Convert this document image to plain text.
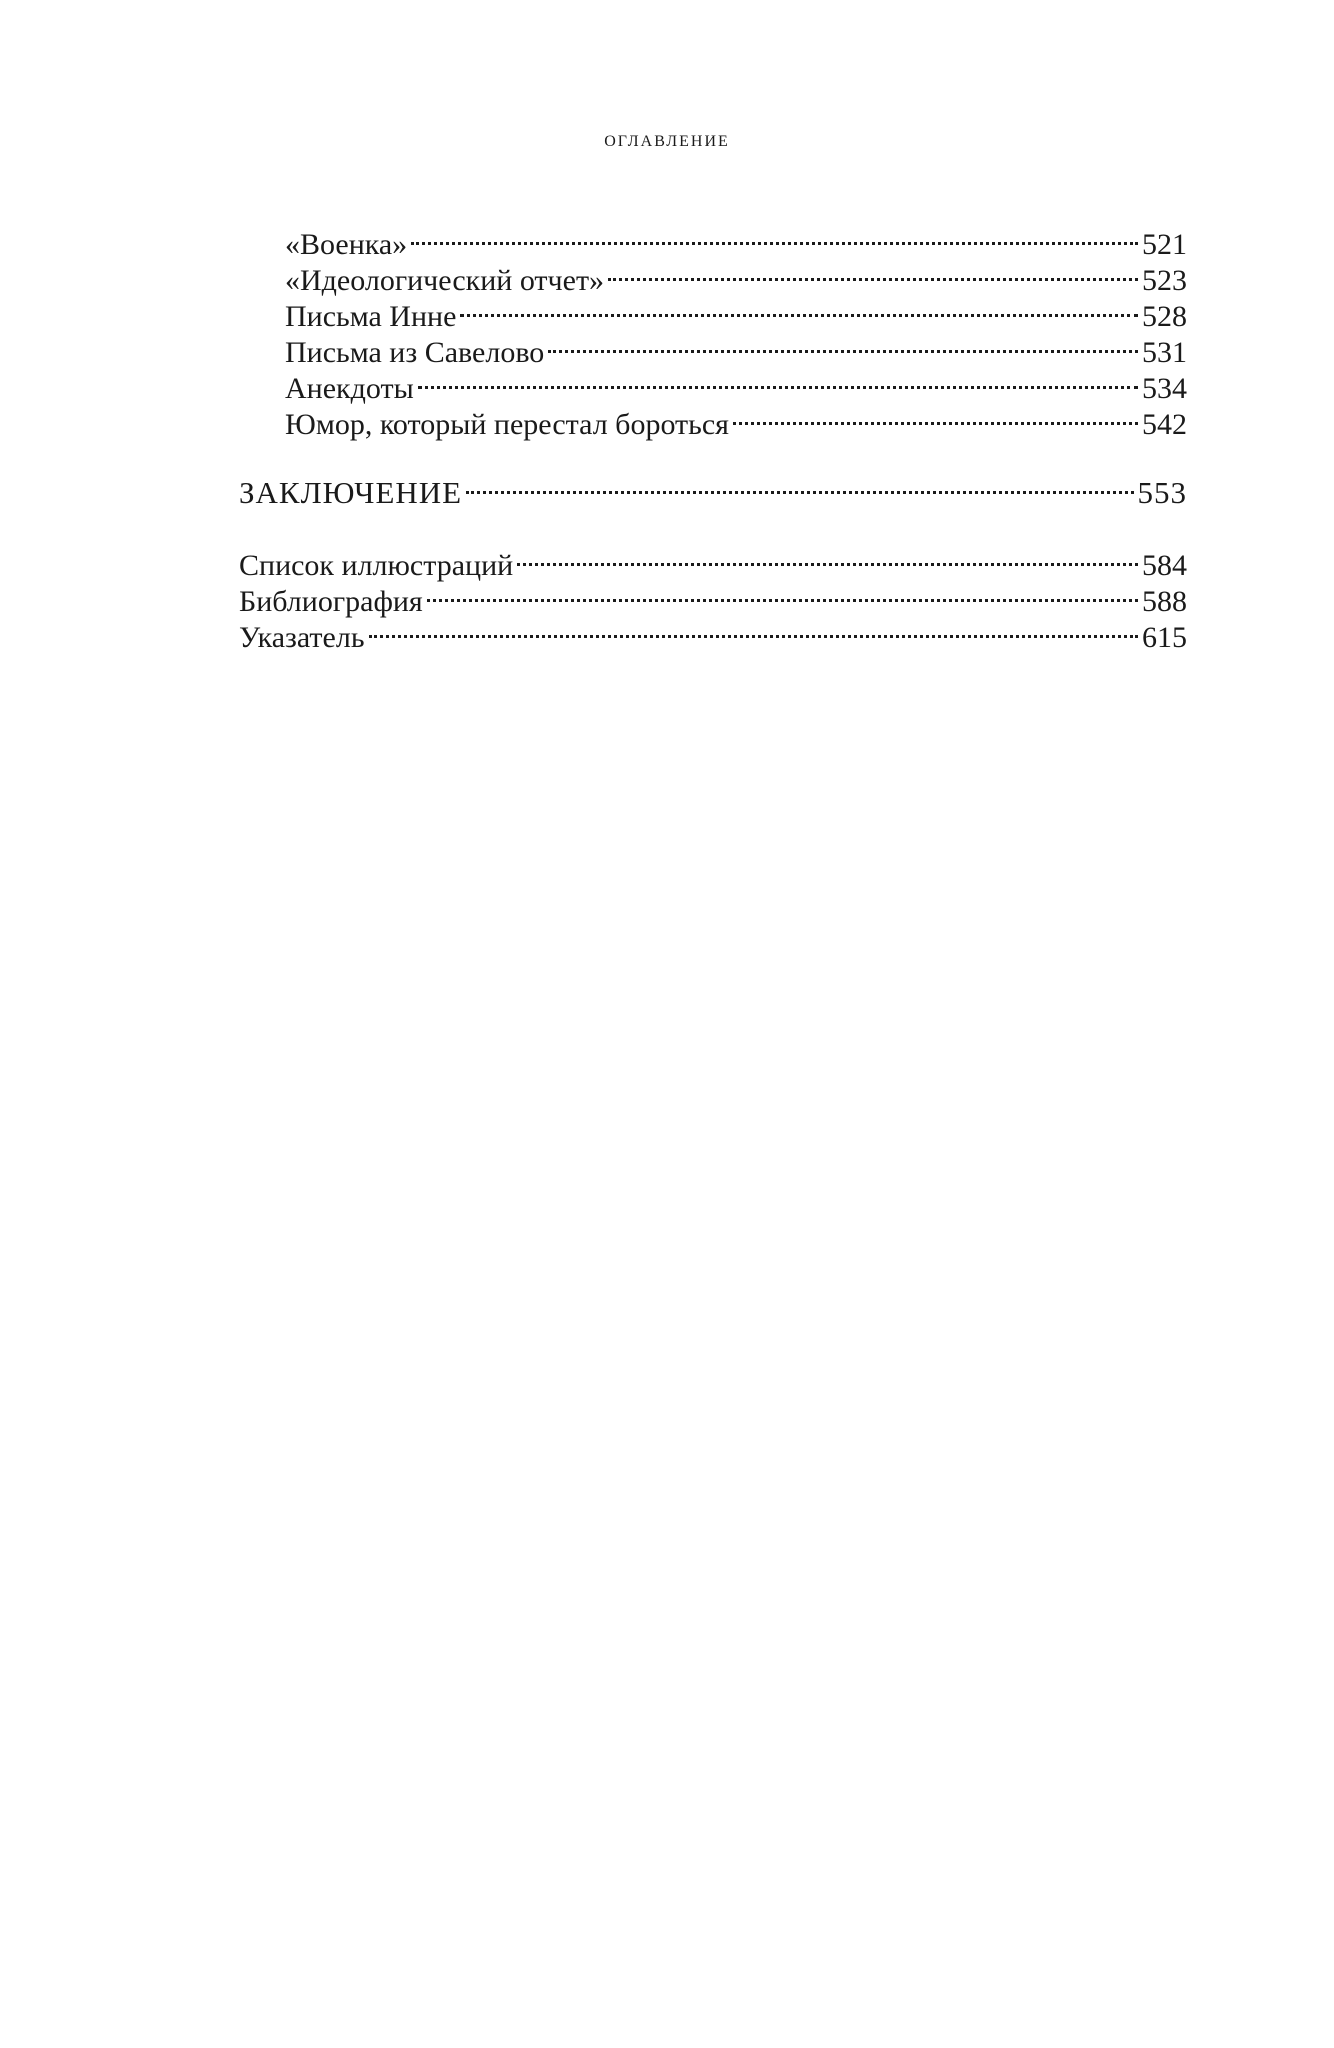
оглавление
«Военка»	521
«Идеологический отчет»	523
Письма Инне	528
Письма из Савелово	531
Анекдоты	534
Юмор, который перестал бороться	542
ЗАКЛЮЧЕНИЕ	553
Список иллюстраций	584
Библиография	588
Указатель	615
